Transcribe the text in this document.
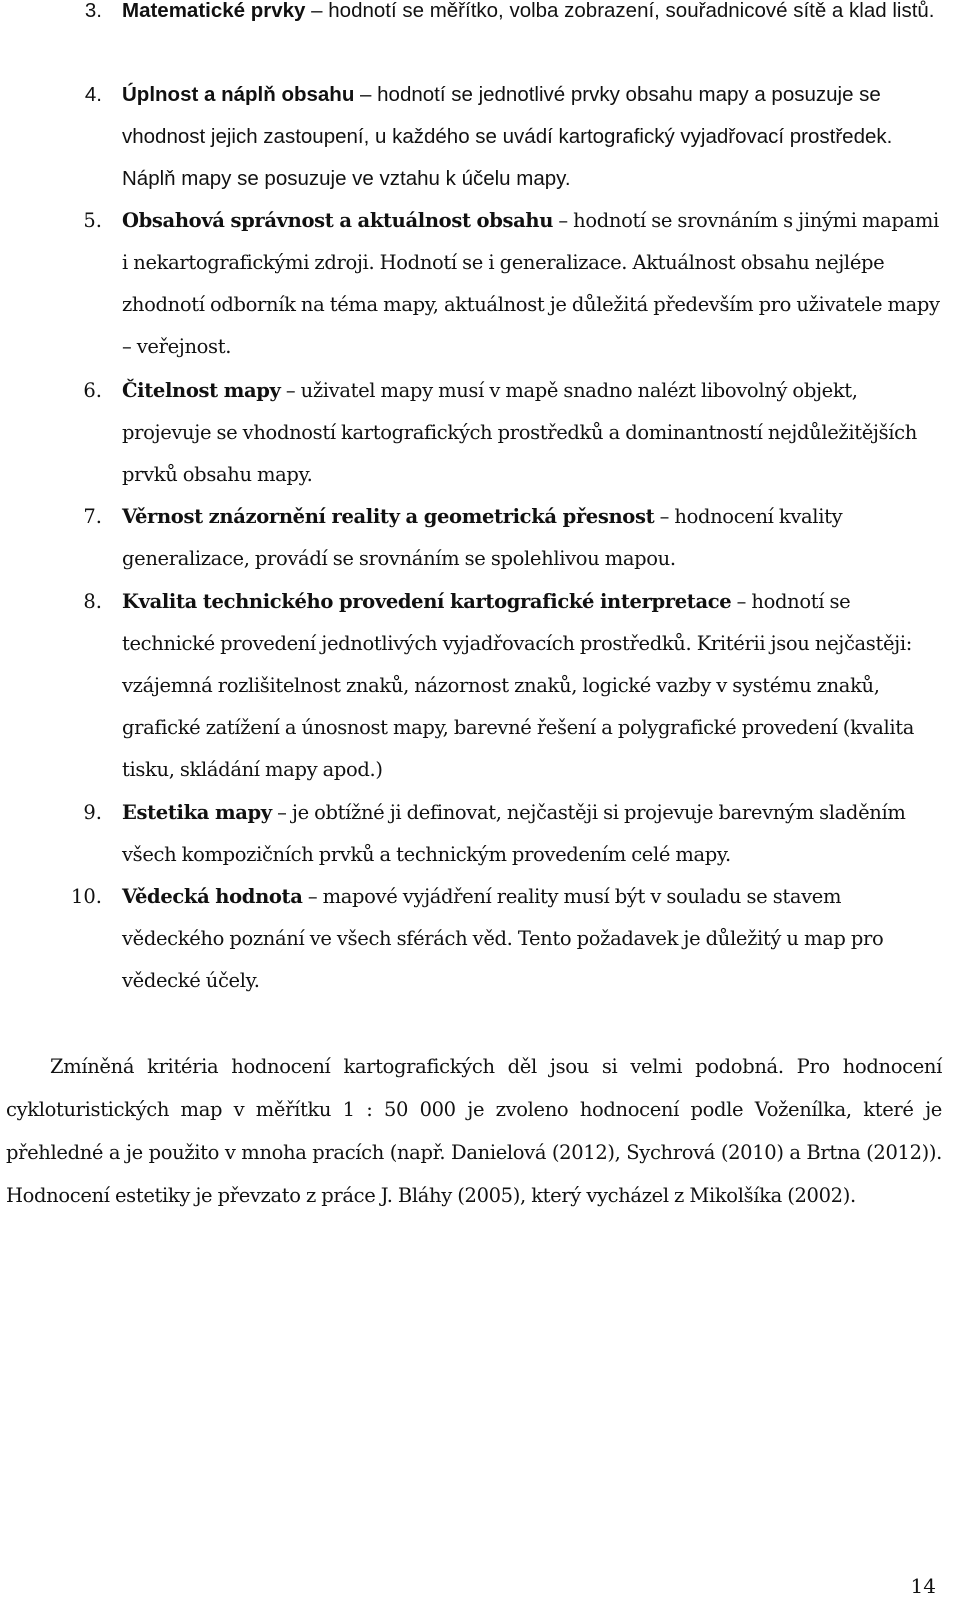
3. Matematické prvky – hodnotí se měřítko, volba zobrazení, souřadnicové sítě a klad listů.

4. Úplnost a náplň obsahu – hodnotí se jednotlivé prvky obsahu mapy a posuzuje se vhodnost jejich zastoupení, u každého se uvádí kartografický vyjadřovací prostředek. Náplň mapy se posuzuje ve vztahu k účelu mapy.

5. Obsahová správnost a aktuálnost obsahu – hodnotí se srovnáním s jinými mapami i nekartografickými zdroji. Hodnotí se i generalizace. Aktuálnost obsahu nejlépe zhodnotí odborník na téma mapy, aktuálnost je důležitá především pro uživatele mapy – veřejnost.

6. Čitelnost mapy – uživatel mapy musí v mapě snadno nalézt libovolný objekt, projevuje se vhodností kartografických prostředků a dominantností nejdůležitějších prvků obsahu mapy.

7. Věrnost znázornění reality a geometrická přesnost – hodnocení kvality generalizace, provádí se srovnáním se spolehlivou mapou.

8. Kvalita technického provedení kartografické interpretace – hodnotí se technické provedení jednotlivých vyjadřovacích prostředků. Kritérii jsou nejčastěji: vzájemná rozlišitelnost znaků, názornost znaků, logické vazby v systému znaků, grafické zatížení a únosnost mapy, barevné řešení a polygrafické provedení (kvalita tisku, skládání mapy apod.)

9. Estetika mapy – je obtížné ji definovat, nejčastěji si projevuje barevným sladěním všech kompozičních prvků a technickým provedením celé mapy.

10. Vědecká hodnota – mapové vyjádření reality musí být v souladu se stavem vědeckého poznání ve všech sférách věd. Tento požadavek je důležitý u map pro vědecké účely.

Zmíněná kritéria hodnocení kartografických děl jsou si velmi podobná. Pro hodnocení cykloturistických map v měřítku 1 : 50 000 je zvoleno hodnocení podle Voženílka, které je přehledné a je použito v mnoha pracích (např. Danielová (2012), Sychrová (2010) a Brtna (2012)). Hodnocení estetiky je převzato z práce J. Bláhy (2005), který vycházel z Mikolšíka (2002).

14
